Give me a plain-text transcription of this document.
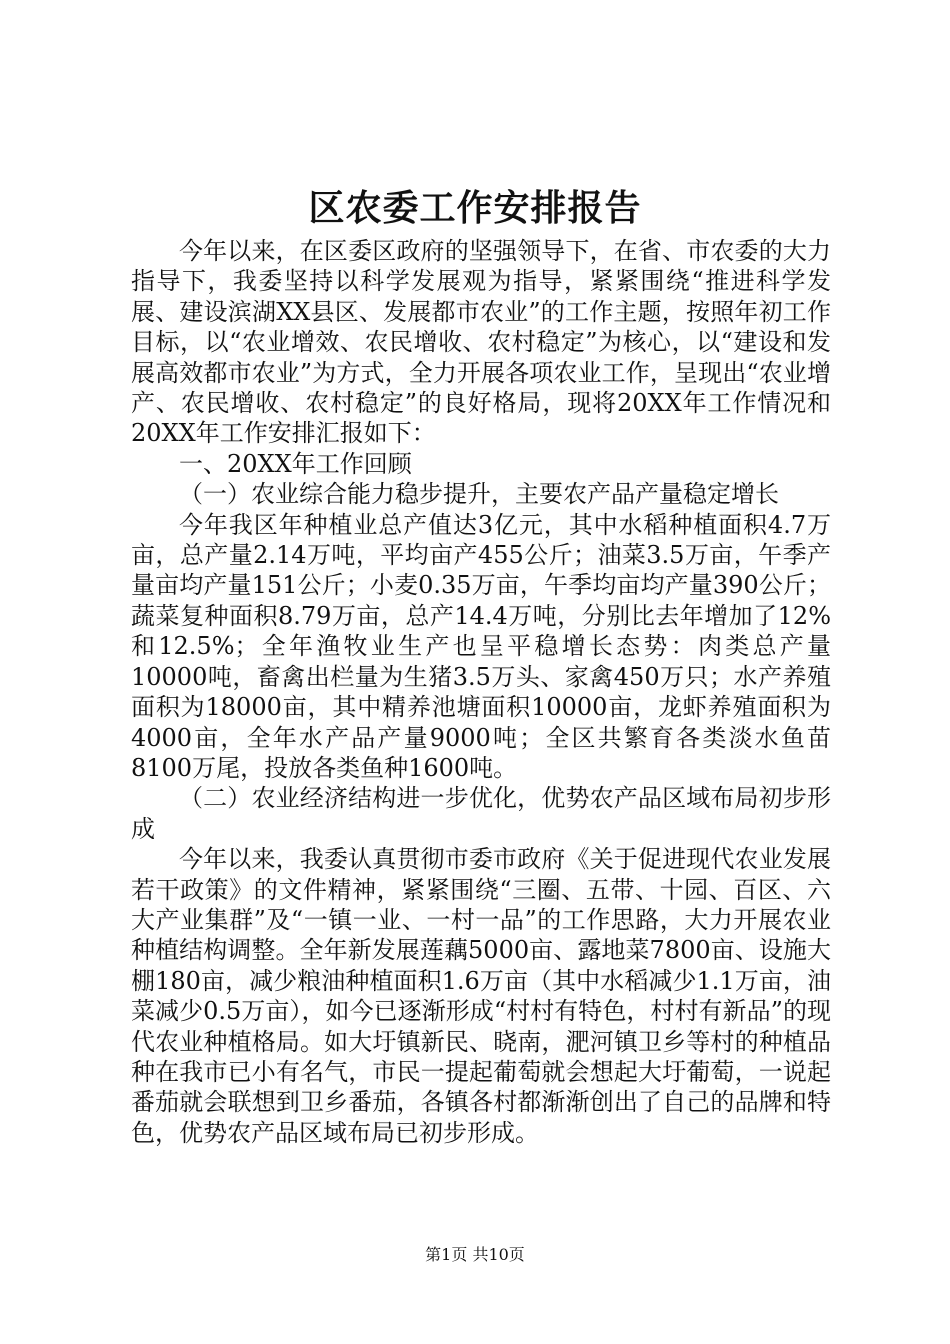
区农委工作安排报告

今年以来，在区委区政府的坚强领导下，在省、市农委的大力指导下，我委坚持以科学发展观为指导，紧紧围绕“推进科学发展、建设滨湖XX县区、发展都市农业”的工作主题，按照年初工作目标，以“农业增效、农民增收、农村稳定”为核心，以“建设和发展高效都市农业”为方式，全力开展各项农业工作，呈现出“农业增产、农民增收、农村稳定”的良好格局，现将20XX年工作情况和20XX年工作安排汇报如下：

一、20XX年工作回顾

（一）农业综合能力稳步提升，主要农产品产量稳定增长

今年我区年种植业总产值达3亿元，其中水稻种植面积4.7万亩，总产量2.14万吨，平均亩产455公斤；油菜3.5万亩，午季产量亩均产量151公斤；小麦0.35万亩，午季均亩均产量390公斤；蔬菜复种面积8.79万亩，总产14.4万吨，分别比去年增加了12%和12.5%；全年渔牧业生产也呈平稳增长态势：肉类总产量10000吨，畜禽出栏量为生猪3.5万头、家禽450万只；水产养殖面积为18000亩，其中精养池塘面积10000亩，龙虾养殖面积为4000亩，全年水产品产量9000吨；全区共繁育各类淡水鱼苗8100万尾，投放各类鱼种1600吨。

（二）农业经济结构进一步优化，优势农产品区域布局初步形成

今年以来，我委认真贯彻市委市政府《关于促进现代农业发展若干政策》的文件精神，紧紧围绕“三圈、五带、十园、百区、六大产业集群”及“一镇一业、一村一品”的工作思路，大力开展农业种植结构调整。全年新发展莲藕5000亩、露地菜7800亩、设施大棚180亩，减少粮油种植面积1.6万亩（其中水稻减少1.1万亩，油菜减少0.5万亩），如今已逐渐形成“村村有特色，村村有新品”的现代农业种植格局。如大圩镇新民、晓南，淝河镇卫乡等村的种植品种在我市已小有名气，市民一提起葡萄就会想起大圩葡萄，一说起番茄就会联想到卫乡番茄，各镇各村都渐渐创出了自己的品牌和特色，优势农产品区域布局已初步形成。

第1页 共10页
